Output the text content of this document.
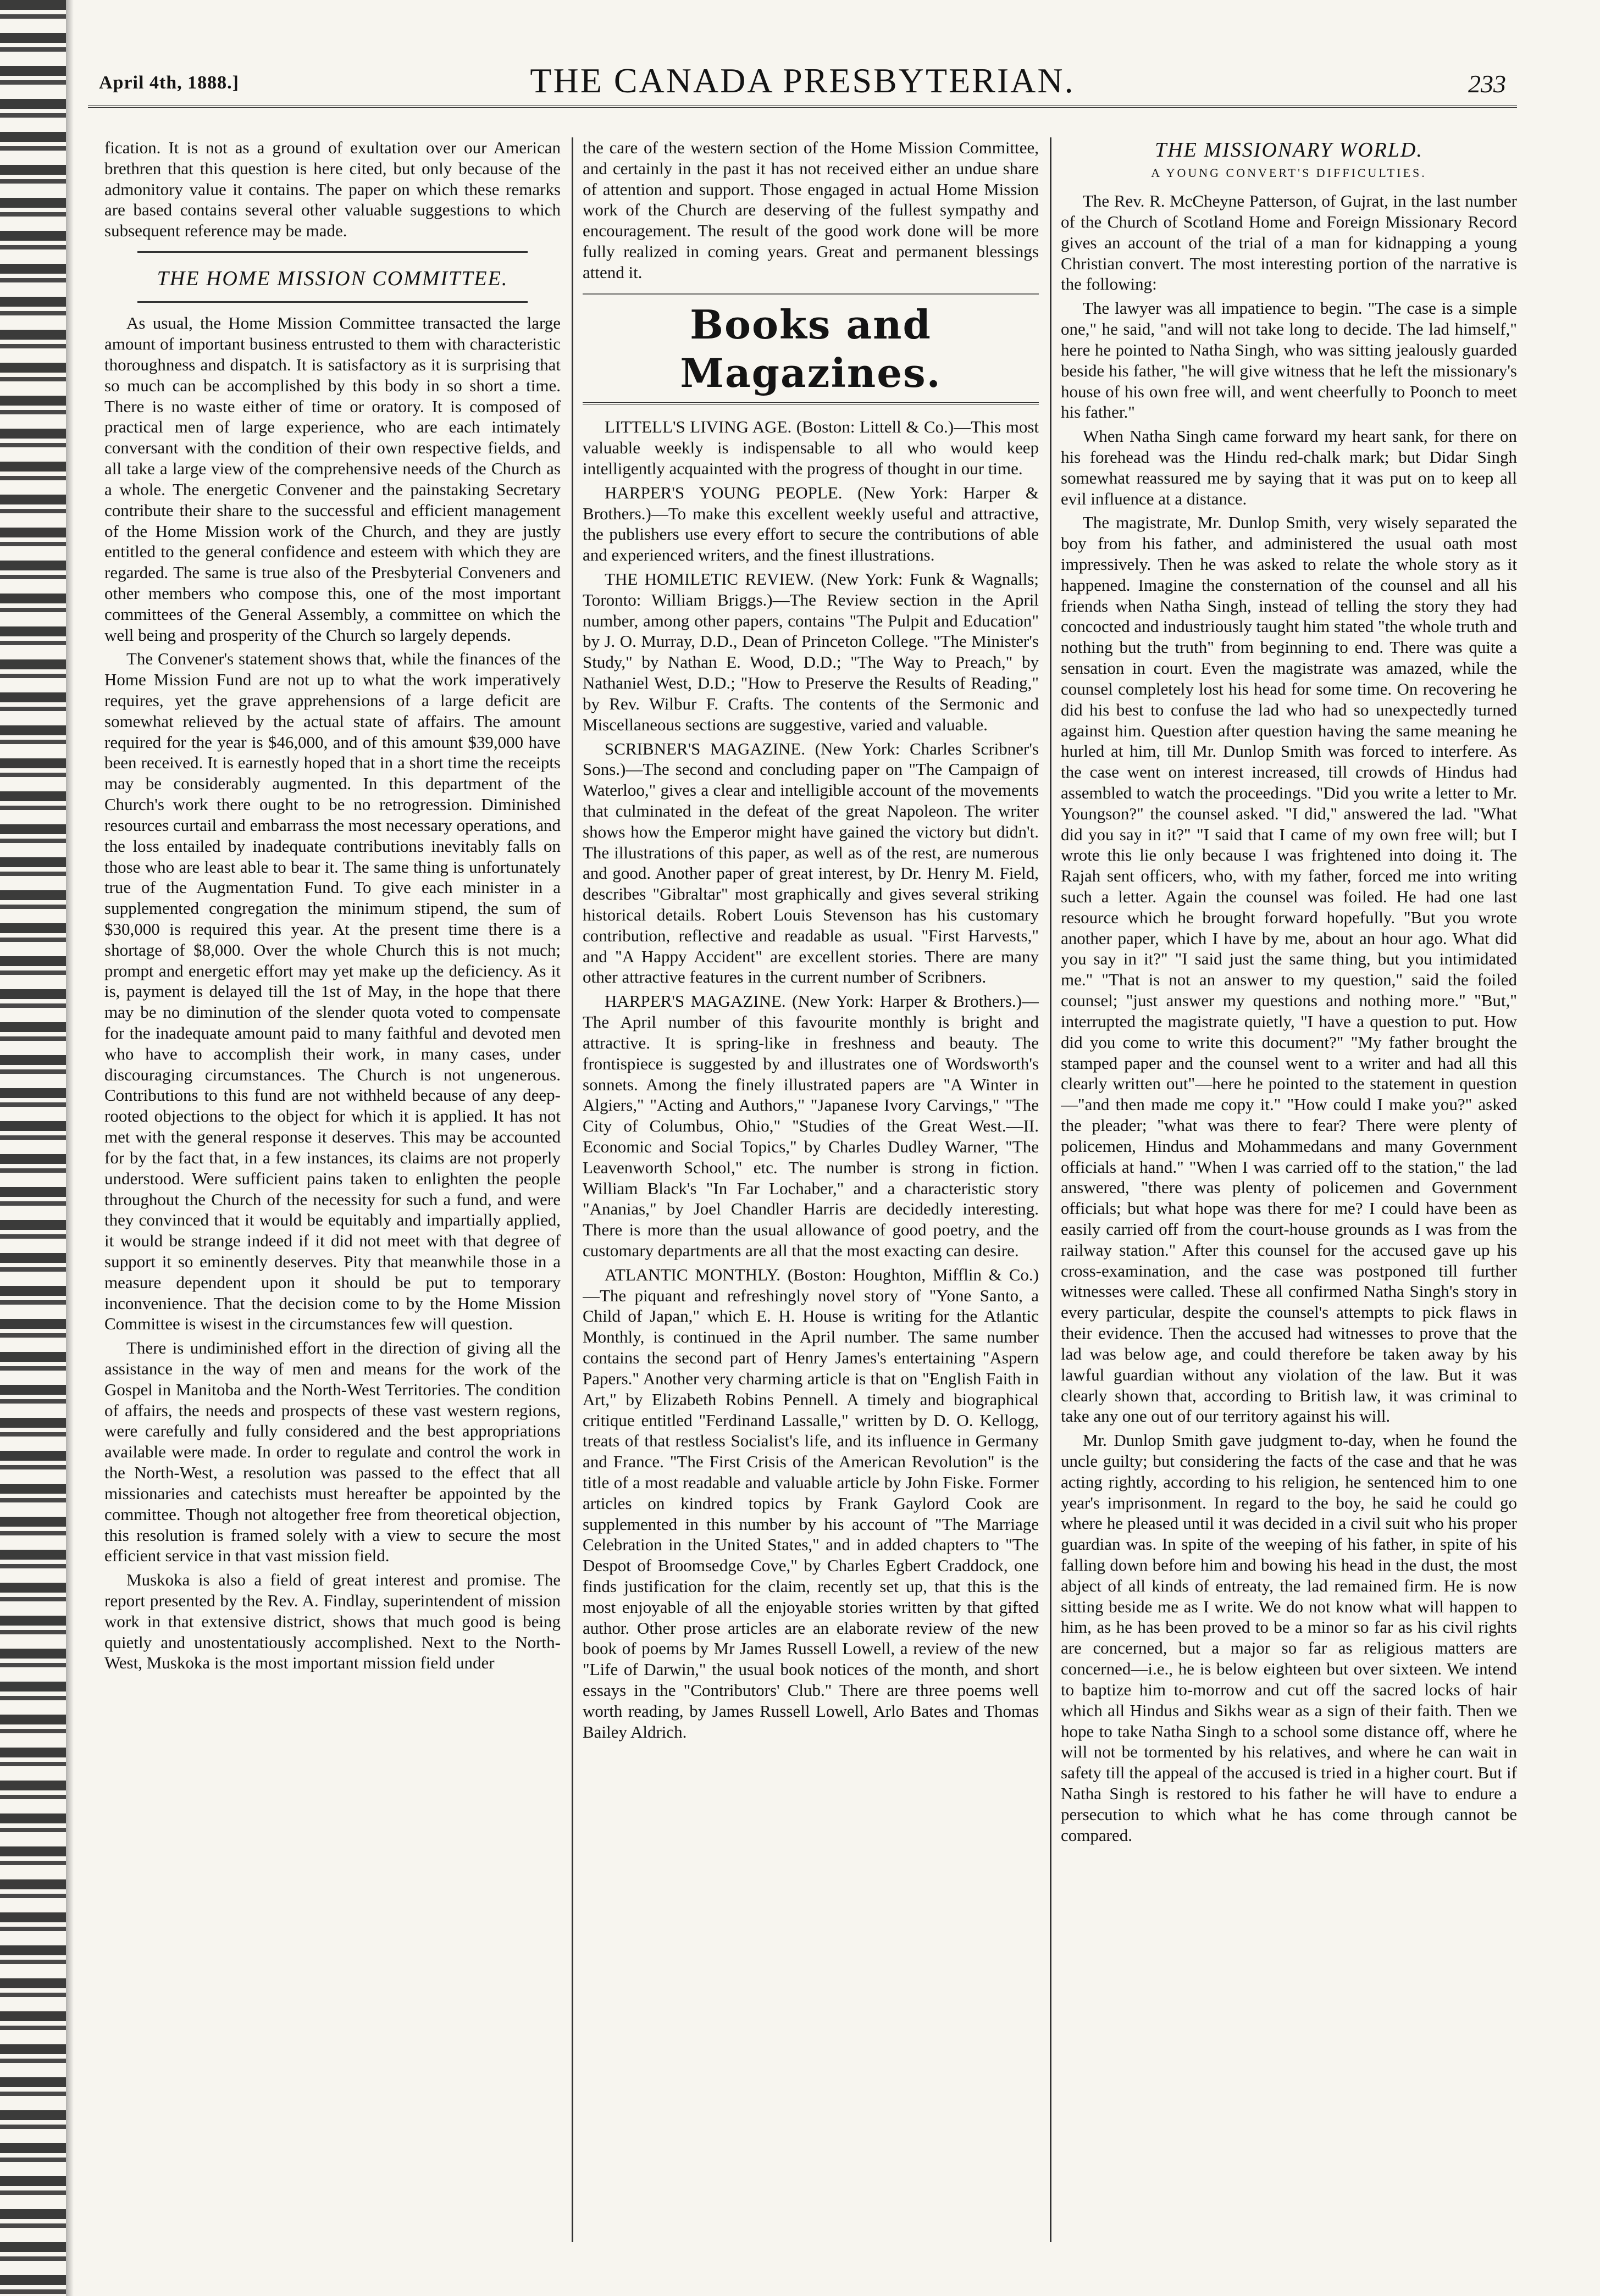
April 4th, 1888.]	THE CANADA PRESBYTERIAN.	233

fication. It is not as a ground of exultation over our American brethren that this question is here cited, but only because of the admonitory value it contains. The paper on which these remarks are based contains several other valuable suggestions to which subsequent reference may be made.

THE HOME MISSION COMMITTEE.

As usual, the Home Mission Committee transacted the large amount of important business entrusted to them with characteristic thoroughness and dispatch. It is satisfactory as it is surprising that so much can be accomplished by this body in so short a time. There is no waste either of time or oratory. It is composed of practical men of large experience, who are each intimately conversant with the condition of their own respective fields, and all take a large view of the comprehensive needs of the Church as a whole. The energetic Convener and the painstaking Secretary contribute their share to the successful and efficient management of the Home Mission work of the Church, and they are justly entitled to the general confidence and esteem with which they are regarded. The same is true also of the Presbyterial Conveners and other members who compose this, one of the most important committees of the General Assembly, a committee on which the well being and prosperity of the Church so largely depends.

The Convener's statement shows that, while the finances of the Home Mission Fund are not up to what the work imperatively requires, yet the grave apprehensions of a large deficit are somewhat relieved by the actual state of affairs. The amount required for the year is $46,000, and of this amount $39,000 have been received. It is earnestly hoped that in a short time the receipts may be considerably augmented. In this department of the Church's work there ought to be no retrogression. Diminished resources curtail and embarrass the most necessary operations, and the loss entailed by inadequate contributions inevitably falls on those who are least able to bear it. The same thing is unfortunately true of the Augmentation Fund. To give each minister in a supplemented congregation the minimum stipend, the sum of $30,000 is required this year. At the present time there is a shortage of $8,000. Over the whole Church this is not much; prompt and energetic effort may yet make up the deficiency. As it is, payment is delayed till the 1st of May, in the hope that there may be no diminution of the slender quota voted to compensate for the inadequate amount paid to many faithful and devoted men who have to accomplish their work, in many cases, under discouraging circumstances. The Church is not ungenerous. Contributions to this fund are not withheld because of any deep-rooted objections to the object for which it is applied. It has not met with the general response it deserves. This may be accounted for by the fact that, in a few instances, its claims are not properly understood. Were sufficient pains taken to enlighten the people throughout the Church of the necessity for such a fund, and were they convinced that it would be equitably and impartially applied, it would be strange indeed if it did not meet with that degree of support it so eminently deserves. Pity that meanwhile those in a measure dependent upon it should be put to temporary inconvenience. That the decision come to by the Home Mission Committee is wisest in the circumstances few will question.

There is undiminished effort in the direction of giving all the assistance in the way of men and means for the work of the Gospel in Manitoba and the North-West Territories. The condition of affairs, the needs and prospects of these vast western regions, were carefully and fully considered and the best appropriations available were made. In order to regulate and control the work in the North-West, a resolution was passed to the effect that all missionaries and catechists must hereafter be appointed by the committee. Though not altogether free from theoretical objection, this resolution is framed solely with a view to secure the most efficient service in that vast mission field.

Muskoka is also a field of great interest and promise. The report presented by the Rev. A. Findlay, superintendent of mission work in that extensive district, shows that much good is being quietly and unostentatiously accomplished. Next to the North-West, Muskoka is the most important mission field under

the care of the western section of the Home Mission Committee, and certainly in the past it has not received either an undue share of attention and support. Those engaged in actual Home Mission work of the Church are deserving of the fullest sympathy and encouragement. The result of the good work done will be more fully realized in coming years. Great and permanent blessings attend it.

Books and Magazines.

LITTELL'S LIVING AGE. (Boston: Littell & Co.)—This most valuable weekly is indispensable to all who would keep intelligently acquainted with the progress of thought in our time.

HARPER'S YOUNG PEOPLE. (New York: Harper & Brothers.)—To make this excellent weekly useful and attractive, the publishers use every effort to secure the contributions of able and experienced writers, and the finest illustrations.

THE HOMILETIC REVIEW. (New York: Funk & Wagnalls; Toronto: William Briggs.)—The Review section in the April number, among other papers, contains "The Pulpit and Education" by J. O. Murray, D.D., Dean of Princeton College. "The Minister's Study," by Nathan E. Wood, D.D.; "The Way to Preach," by Nathaniel West, D.D.; "How to Preserve the Results of Reading," by Rev. Wilbur F. Crafts. The contents of the Sermonic and Miscellaneous sections are suggestive, varied and valuable.

SCRIBNER'S MAGAZINE. (New York: Charles Scribner's Sons.)—The second and concluding paper on "The Campaign of Waterloo," gives a clear and intelligible account of the movements that culminated in the defeat of the great Napoleon. The writer shows how the Emperor might have gained the victory but didn't. The illustrations of this paper, as well as of the rest, are numerous and good. Another paper of great interest, by Dr. Henry M. Field, describes "Gibraltar" most graphically and gives several striking historical details. Robert Louis Stevenson has his customary contribution, reflective and readable as usual. "First Harvests," and "A Happy Accident" are excellent stories. There are many other attractive features in the current number of Scribners.

HARPER'S MAGAZINE. (New York: Harper & Brothers.)—The April number of this favourite monthly is bright and attractive. It is spring-like in freshness and beauty. The frontispiece is suggested by and illustrates one of Wordsworth's sonnets. Among the finely illustrated papers are "A Winter in Algiers," "Acting and Authors," "Japanese Ivory Carvings," "The City of Columbus, Ohio," "Studies of the Great West.—II. Economic and Social Topics," by Charles Dudley Warner, "The Leavenworth School," etc. The number is strong in fiction. William Black's "In Far Lochaber," and a characteristic story "Ananias," by Joel Chandler Harris are decidedly interesting. There is more than the usual allowance of good poetry, and the customary departments are all that the most exacting can desire.

ATLANTIC MONTHLY. (Boston: Houghton, Mifflin & Co.)—The piquant and refreshingly novel story of "Yone Santo, a Child of Japan," which E. H. House is writing for the Atlantic Monthly, is continued in the April number. The same number contains the second part of Henry James's entertaining "Aspern Papers." Another very charming article is that on "English Faith in Art," by Elizabeth Robins Pennell. A timely and biographical critique entitled "Ferdinand Lassalle," written by D. O. Kellogg, treats of that restless Socialist's life, and its influence in Germany and France. "The First Crisis of the American Revolution" is the title of a most readable and valuable article by John Fiske. Former articles on kindred topics by Frank Gaylord Cook are supplemented in this number by his account of "The Marriage Celebration in the United States," and in added chapters to "The Despot of Broomsedge Cove," by Charles Egbert Craddock, one finds justification for the claim, recently set up, that this is the most enjoyable of all the enjoyable stories written by that gifted author. Other prose articles are an elaborate review of the new book of poems by Mr James Russell Lowell, a review of the new "Life of Darwin," the usual book notices of the month, and short essays in the "Contributors' Club." There are three poems well worth reading, by James Russell Lowell, Arlo Bates and Thomas Bailey Aldrich.

THE MISSIONARY WORLD.
A YOUNG CONVERT'S DIFFICULTIES.

The Rev. R. McCheyne Patterson, of Gujrat, in the last number of the Church of Scotland Home and Foreign Missionary Record gives an account of the trial of a man for kidnapping a young Christian convert. The most interesting portion of the narrative is the following:

The lawyer was all impatience to begin. "The case is a simple one," he said, "and will not take long to decide. The lad himself," here he pointed to Natha Singh, who was sitting jealously guarded beside his father, "he will give witness that he left the missionary's house of his own free will, and went cheerfully to Poonch to meet his father."

When Natha Singh came forward my heart sank, for there on his forehead was the Hindu red-chalk mark; but Didar Singh somewhat reassured me by saying that it was put on to keep all evil influence at a distance.

The magistrate, Mr. Dunlop Smith, very wisely separated the boy from his father, and administered the usual oath most impressively. Then he was asked to relate the whole story as it happened. Imagine the consternation of the counsel and all his friends when Natha Singh, instead of telling the story they had concocted and industriously taught him stated "the whole truth and nothing but the truth" from beginning to end. There was quite a sensation in court. Even the magistrate was amazed, while the counsel completely lost his head for some time. On recovering he did his best to confuse the lad who had so unexpectedly turned against him. Question after question having the same meaning he hurled at him, till Mr. Dunlop Smith was forced to interfere. As the case went on interest increased, till crowds of Hindus had assembled to watch the proceedings. "Did you write a letter to Mr. Youngson?" the counsel asked. "I did," answered the lad. "What did you say in it?" "I said that I came of my own free will; but I wrote this lie only because I was frightened into doing it. The Rajah sent officers, who, with my father, forced me into writing such a letter. Again the counsel was foiled. He had one last resource which he brought forward hopefully. "But you wrote another paper, which I have by me, about an hour ago. What did you say in it?" "I said just the same thing, but you intimidated me." "That is not an answer to my question," said the foiled counsel; "just answer my questions and nothing more." "But," interrupted the magistrate quietly, "I have a question to put. How did you come to write this document?" "My father brought the stamped paper and the counsel went to a writer and had all this clearly written out"—here he pointed to the statement in question—"and then made me copy it." "How could I make you?" asked the pleader; "what was there to fear? There were plenty of policemen, Hindus and Mohammedans and many Government officials at hand." "When I was carried off to the station," the lad answered, "there was plenty of policemen and Government officials; but what hope was there for me? I could have been as easily carried off from the court-house grounds as I was from the railway station." After this counsel for the accused gave up his cross-examination, and the case was postponed till further witnesses were called. These all confirmed Natha Singh's story in every particular, despite the counsel's attempts to pick flaws in their evidence. Then the accused had witnesses to prove that the lad was below age, and could therefore be taken away by his lawful guardian without any violation of the law. But it was clearly shown that, according to British law, it was criminal to take any one out of our territory against his will.

Mr. Dunlop Smith gave judgment to-day, when he found the uncle guilty; but considering the facts of the case and that he was acting rightly, according to his religion, he sentenced him to one year's imprisonment. In regard to the boy, he said he could go where he pleased until it was decided in a civil suit who his proper guardian was. In spite of the weeping of his father, in spite of his falling down before him and bowing his head in the dust, the most abject of all kinds of entreaty, the lad remained firm. He is now sitting beside me as I write. We do not know what will happen to him, as he has been proved to be a minor so far as his civil rights are concerned, but a major so far as religious matters are concerned—i.e., he is below eighteen but over sixteen. We intend to baptize him to-morrow and cut off the sacred locks of hair which all Hindus and Sikhs wear as a sign of their faith. Then we hope to take Natha Singh to a school some distance off, where he will not be tormented by his relatives, and where he can wait in safety till the appeal of the accused is tried in a higher court. But if Natha Singh is restored to his father he will have to endure a persecution to which what he has come through cannot be compared.
